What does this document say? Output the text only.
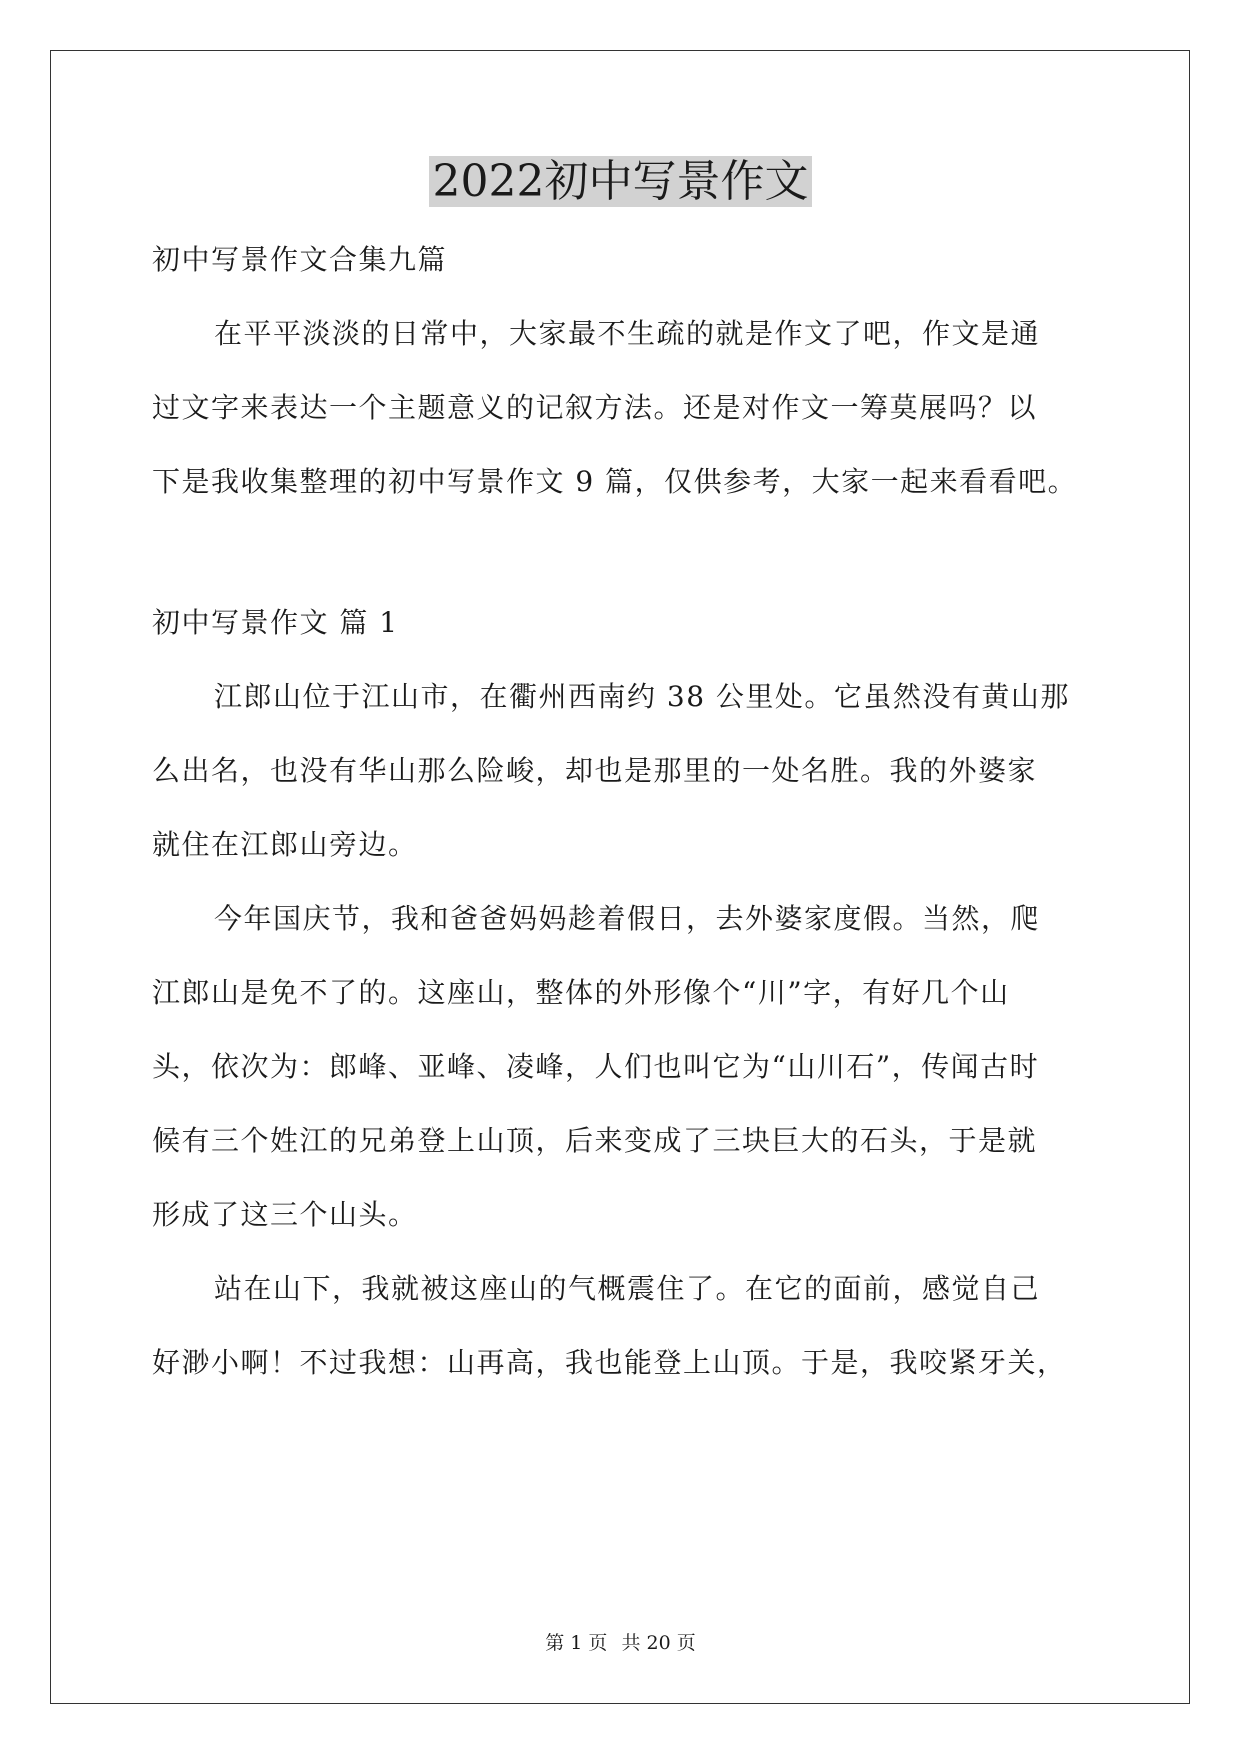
2022初中写景作文
初中写景作文合集九篇
在平平淡淡的日常中，大家最不生疏的就是作文了吧，作文是通
过文字来表达一个主题意义的记叙方法。还是对作文一筹莫展吗？以
下是我收集整理的初中写景作文 9 篇，仅供参考，大家一起来看看吧。
初中写景作文 篇 1
江郎山位于江山市，在衢州西南约 38 公里处。它虽然没有黄山那
么出名，也没有华山那么险峻，却也是那里的一处名胜。我的外婆家
就住在江郎山旁边。
今年国庆节，我和爸爸妈妈趁着假日，去外婆家度假。当然，爬
江郎山是免不了的。这座山，整体的外形像个“川”字，有好几个山
头，依次为：郎峰、亚峰、凌峰，人们也叫它为“山川石”，传闻古时
候有三个姓江的兄弟登上山顶，后来变成了三块巨大的石头，于是就
形成了这三个山头。
站在山下，我就被这座山的气概震住了。在它的面前，感觉自己
好渺小啊！不过我想：山再高，我也能登上山顶。于是，我咬紧牙关，
第 1 页 共 20 页
